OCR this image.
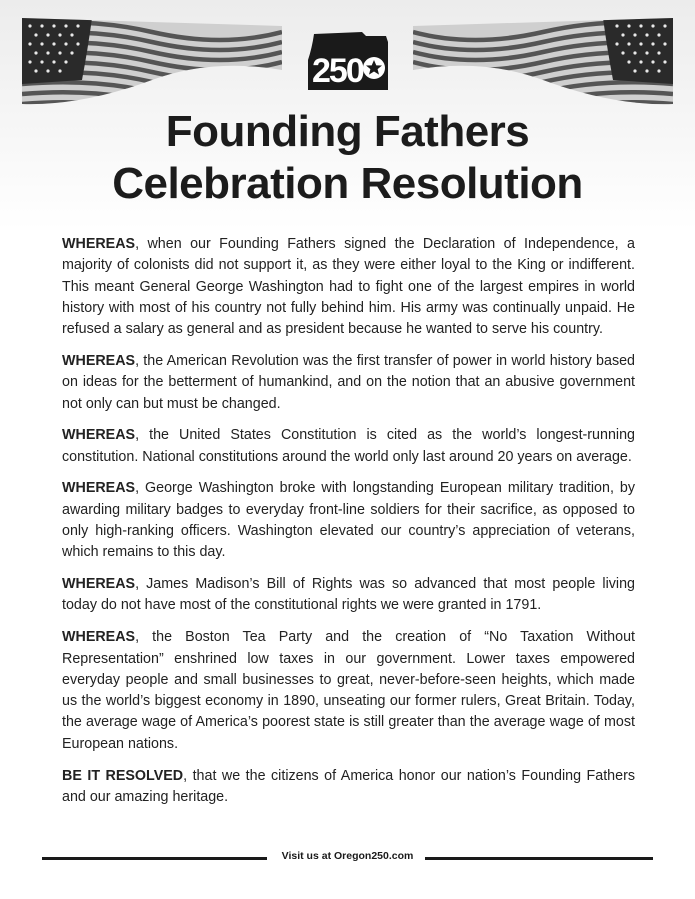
250
Founding Fathers
Celebration Resolution

WHEREAS, when our Founding Fathers signed the Declaration of Independence, a majority of colonists did not support it, as they were either loyal to the King or indifferent. This meant General George Washington had to fight one of the largest empires in world history with most of his country not fully behind him. His army was continually unpaid. He refused a salary as general and as president because he wanted to serve his country.

WHEREAS, the American Revolution was the first transfer of power in world history based on ideas for the betterment of humankind, and on the notion that an abusive government not only can but must be changed.

WHEREAS, the United States Constitution is cited as the world’s longest-running constitution. National constitutions around the world only last around 20 years on average.

WHEREAS, George Washington broke with longstanding European military tradition, by awarding military badges to everyday front-line soldiers for their sacrifice, as opposed to only high-ranking officers. Washington elevated our country’s appreciation of veterans, which remains to this day.

WHEREAS, James Madison’s Bill of Rights was so advanced that most people living today do not have most of the constitutional rights we were granted in 1791.

WHEREAS, the Boston Tea Party and the creation of “No Taxation Without Representation” enshrined low taxes in our government. Lower taxes empowered everyday people and small businesses to great, never-before-seen heights, which made us the world’s biggest economy in 1890, unseating our former rulers, Great Britain. Today, the average wage of America’s poorest state is still greater than the average wage of most European nations.

BE IT RESOLVED, that we the citizens of America honor our nation’s Founding Fathers and our amazing heritage.

Visit us at Oregon250.com
